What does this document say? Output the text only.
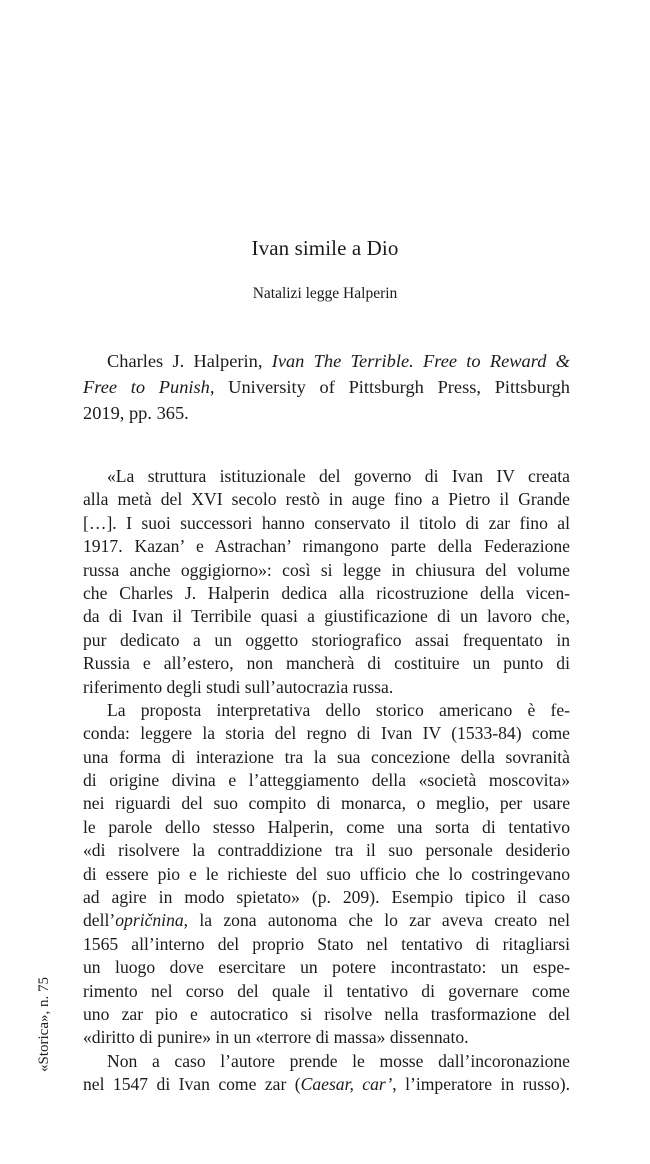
Ivan simile a Dio
Natalizi legge Halperin
Charles J. Halperin, Ivan The Terrible. Free to Reward &
Free to Punish, University of Pittsburgh Press, Pittsburgh
2019, pp. 365.
«La struttura istituzionale del governo di Ivan IV creata
alla metà del XVI secolo restò in auge fino a Pietro il Grande
[…]. I suoi successori hanno conservato il titolo di zar fino al
1917. Kazan’ e Astrachan’ rimangono parte della Federazione
russa anche oggigiorno»: così si legge in chiusura del volume
che Charles J. Halperin dedica alla ricostruzione della vicen-
da di Ivan il Terribile quasi a giustificazione di un lavoro che,
pur dedicato a un oggetto storiografico assai frequentato in
Russia e all’estero, non mancherà di costituire un punto di
riferimento degli studi sull’autocrazia russa.
La proposta interpretativa dello storico americano è fe-
conda: leggere la storia del regno di Ivan IV (1533-84) come
una forma di interazione tra la sua concezione della sovranità
di origine divina e l’atteggiamento della «società moscovita»
nei riguardi del suo compito di monarca, o meglio, per usare
le parole dello stesso Halperin, come una sorta di tentativo
«di risolvere la contraddizione tra il suo personale desiderio
di essere pio e le richieste del suo ufficio che lo costringevano
ad agire in modo spietato» (p. 209). Esempio tipico il caso
dell’opričnina, la zona autonoma che lo zar aveva creato nel
1565 all’interno del proprio Stato nel tentativo di ritagliarsi
un luogo dove esercitare un potere incontrastato: un espe-
rimento nel corso del quale il tentativo di governare come
uno zar pio e autocratico si risolve nella trasformazione del
«diritto di punire» in un «terrore di massa» dissennato.
Non a caso l’autore prende le mosse dall’incoronazione
nel 1547 di Ivan come zar (Caesar, car’, l’imperatore in russo).
«Storica», n. 75
